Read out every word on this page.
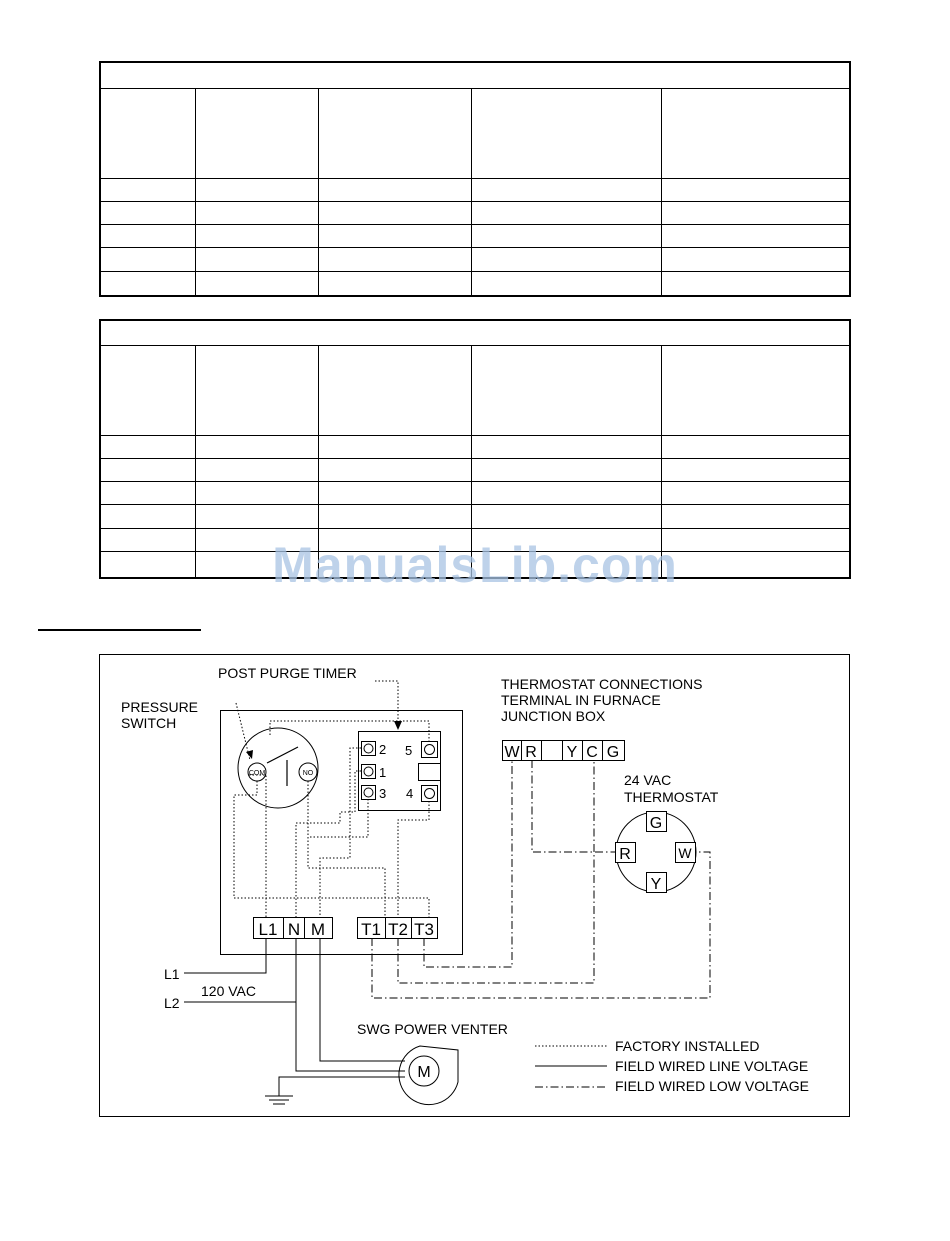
ManualsLib.com
COM	NO
2
1
3
5
4
L1 N M T1 T2 T3
W R Y C G
G
R	W
Y
M
POST PURGE TIMER
PRESSURE
SWITCH
THERMOSTAT CONNECTIONS
TERMINAL IN FURNACE
JUNCTION BOX
24 VAC
THERMOSTAT
L1
L2
120 VAC
SWG POWER VENTER
FACTORY INSTALLED
FIELD WIRED LINE VOLTAGE
FIELD WIRED LOW VOLTAGE
